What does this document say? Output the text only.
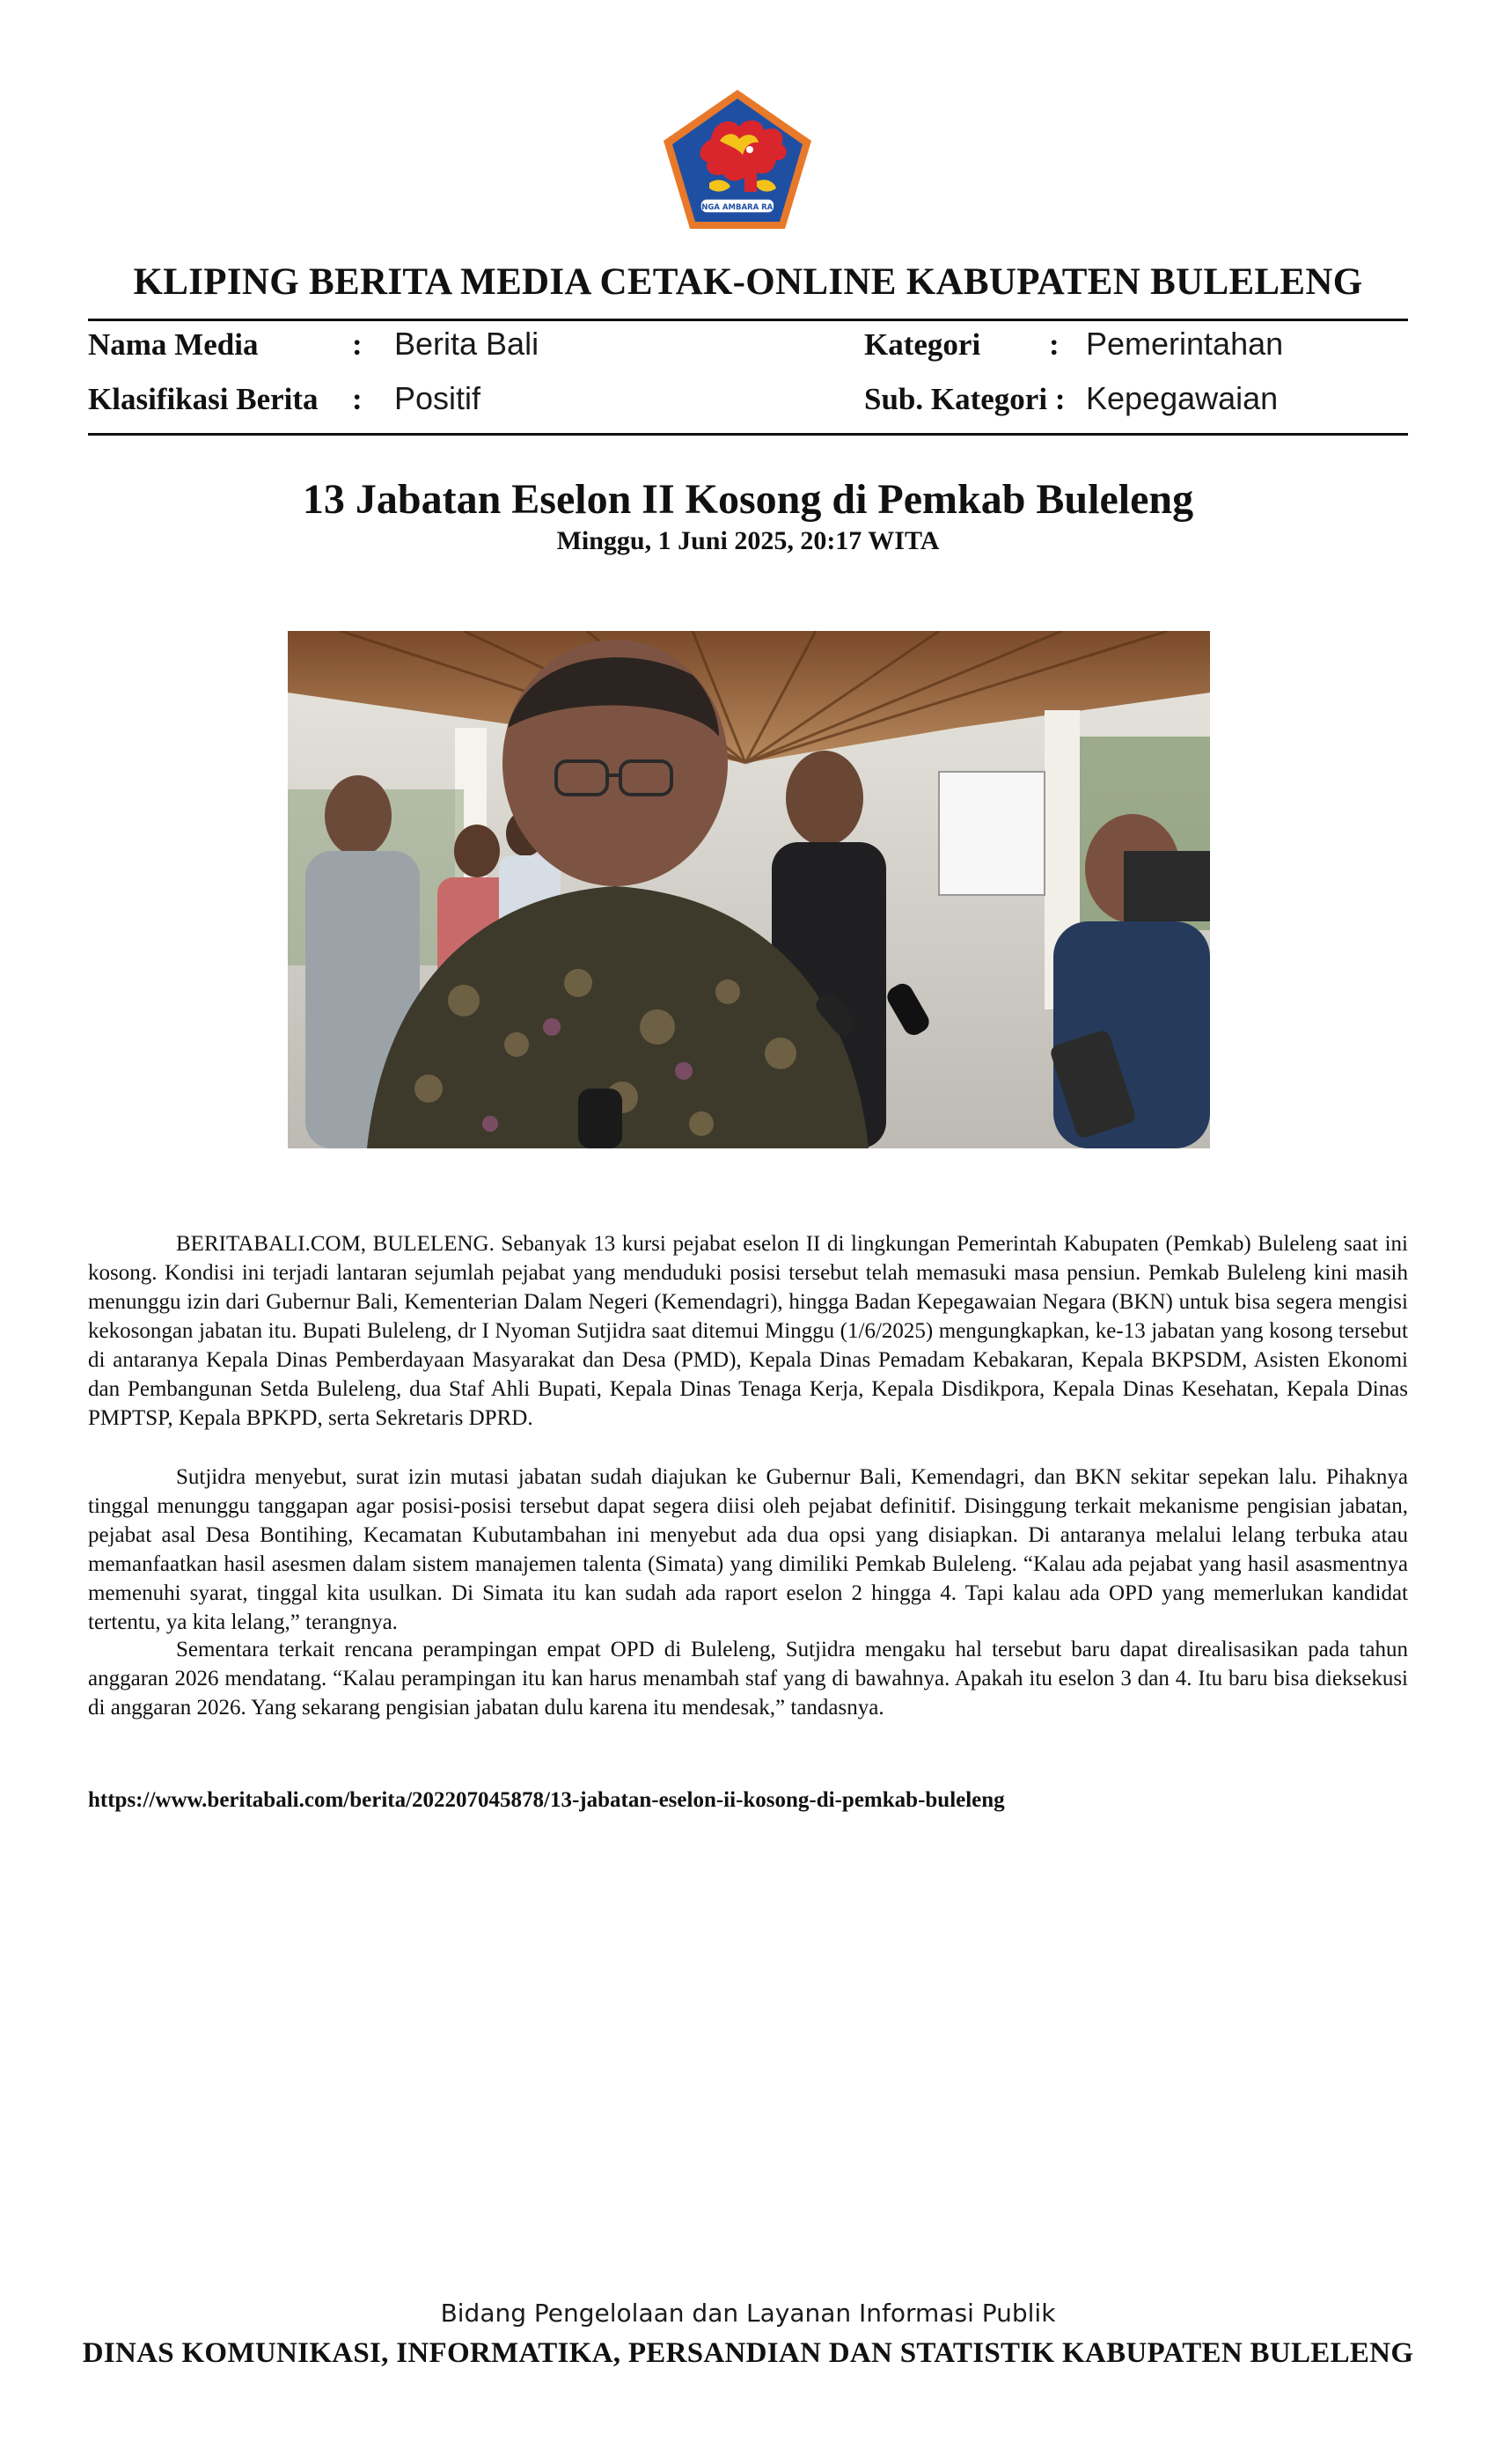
SINGA AMBARA RAJA
KLIPING BERITA MEDIA CETAK-ONLINE KABUPATEN BULELENG
Nama Media	: Berita Bali
Klasifikasi Berita : Positif
Kategori : Pemerintahan
Sub. Kategori : Kepegawaian
13 Jabatan Eselon II Kosong di Pemkab Buleleng
Minggu, 1 Juni 2025, 20:17 WITA

BERITABALI.COM, BULELENG. Sebanyak 13 kursi pejabat eselon II di lingkungan Pemerintah Kabupaten (Pemkab) Buleleng saat ini kosong. Kondisi ini terjadi lantaran sejumlah pejabat yang menduduki posisi tersebut telah memasuki masa pensiun. Pemkab Buleleng kini masih menunggu izin dari Gubernur Bali, Kementerian Dalam Negeri (Kemendagri), hingga Badan Kepegawaian Negara (BKN) untuk bisa segera mengisi kekosongan jabatan itu. Bupati Buleleng, dr I Nyoman Sutjidra saat ditemui Minggu (1/6/2025) mengungkapkan, ke-13 jabatan yang kosong tersebut di antaranya Kepala Dinas Pemberdayaan Masyarakat dan Desa (PMD), Kepala Dinas Pemadam Kebakaran, Kepala BKPSDM, Asisten Ekonomi dan Pembangunan Setda Buleleng, dua Staf Ahli Bupati, Kepala Dinas Tenaga Kerja, Kepala Disdikpora, Kepala Dinas Kesehatan, Kepala Dinas PMPTSP, Kepala BPKPD, serta Sekretaris DPRD.

Sutjidra menyebut, surat izin mutasi jabatan sudah diajukan ke Gubernur Bali, Kemendagri, dan BKN sekitar sepekan lalu. Pihaknya tinggal menunggu tanggapan agar posisi-posisi tersebut dapat segera diisi oleh pejabat definitif. Disinggung terkait mekanisme pengisian jabatan, pejabat asal Desa Bontihing, Kecamatan Kubutambahan ini menyebut ada dua opsi yang disiapkan. Di antaranya melalui lelang terbuka atau memanfaatkan hasil asesmen dalam sistem manajemen talenta (Simata) yang dimiliki Pemkab Buleleng. “Kalau ada pejabat yang hasil asasmentnya memenuhi syarat, tinggal kita usulkan. Di Simata itu kan sudah ada raport eselon 2 hingga 4. Tapi kalau ada OPD yang memerlukan kandidat tertentu, ya kita lelang,” terangnya.

Sementara terkait rencana perampingan empat OPD di Buleleng, Sutjidra mengaku hal tersebut baru dapat direalisasikan pada tahun anggaran 2026 mendatang. “Kalau perampingan itu kan harus menambah staf yang di bawahnya. Apakah itu eselon 3 dan 4. Itu baru bisa dieksekusi di anggaran 2026. Yang sekarang pengisian jabatan dulu karena itu mendesak,” tandasnya.

https://www.beritabali.com/berita/202207045878/13-jabatan-eselon-ii-kosong-di-pemkab-buleleng
Bidang Pengelolaan dan Layanan Informasi Publik
DINAS KOMUNIKASI, INFORMATIKA, PERSANDIAN DAN STATISTIK KABUPATEN BULELENG
